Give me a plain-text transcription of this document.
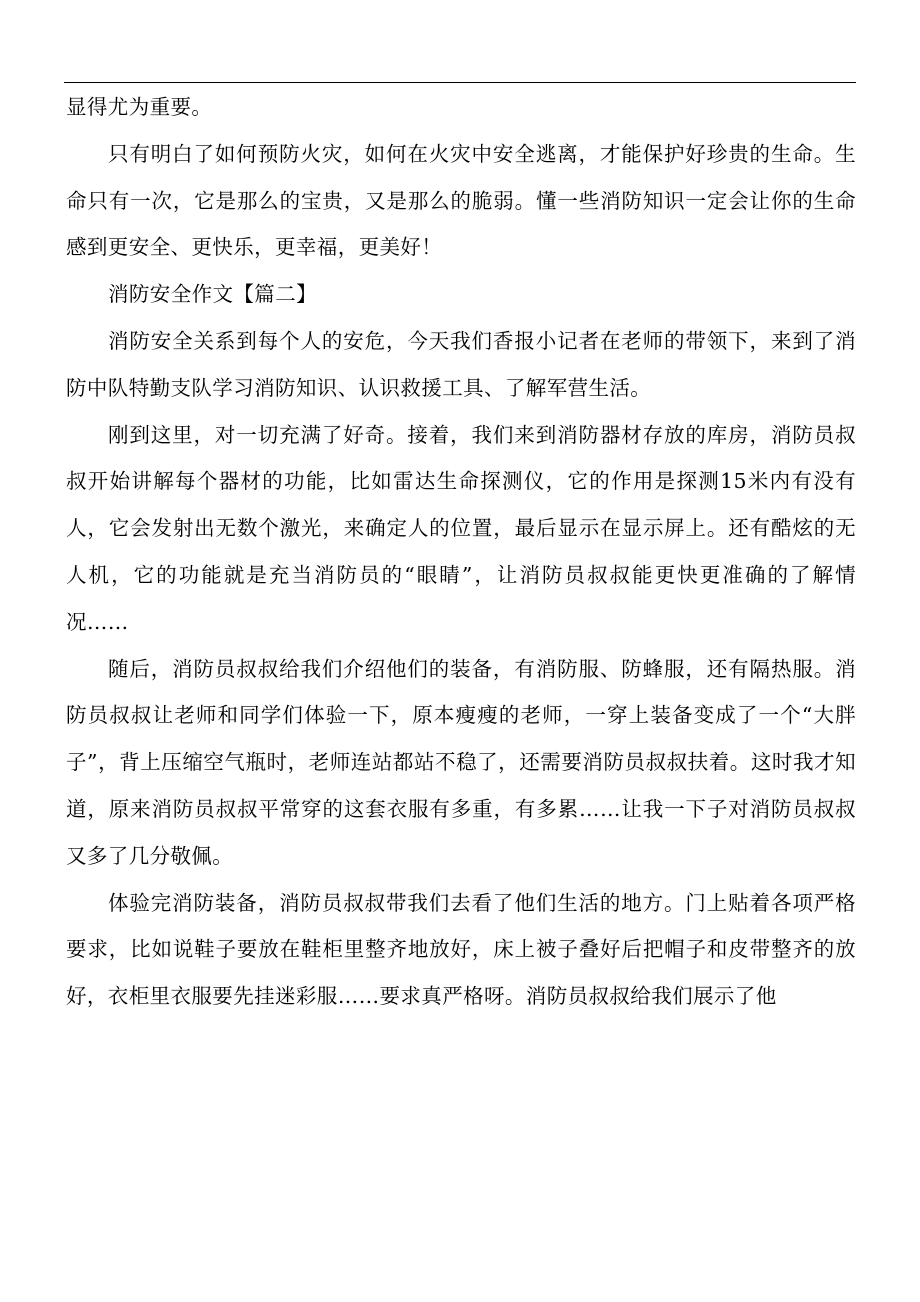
显得尤为重要。

只有明白了如何预防火灾，如何在火灾中安全逃离，才能保护好珍贵的生命。生命只有一次，它是那么的宝贵，又是那么的脆弱。懂一些消防知识一定会让你的生命感到更安全、更快乐，更幸福，更美好！

消防安全作文【篇二】

消防安全关系到每个人的安危，今天我们香报小记者在老师的带领下，来到了消防中队特勤支队学习消防知识、认识救援工具、了解军营生活。

刚到这里，对一切充满了好奇。接着，我们来到消防器材存放的库房，消防员叔叔开始讲解每个器材的功能，比如雷达生命探测仪，它的作用是探测15米内有没有人，它会发射出无数个激光，来确定人的位置，最后显示在显示屏上。还有酷炫的无人机，它的功能就是充当消防员的“眼睛”，让消防员叔叔能更快更准确的了解情况……

随后，消防员叔叔给我们介绍他们的装备，有消防服、防蜂服，还有隔热服。消防员叔叔让老师和同学们体验一下，原本瘦瘦的老师，一穿上装备变成了一个“大胖子”，背上压缩空气瓶时，老师连站都站不稳了，还需要消防员叔叔扶着。这时我才知道，原来消防员叔叔平常穿的这套衣服有多重，有多累……让我一下子对消防员叔叔又多了几分敬佩。

体验完消防装备，消防员叔叔带我们去看了他们生活的地方。门上贴着各项严格要求，比如说鞋子要放在鞋柜里整齐地放好，床上被子叠好后把帽子和皮带整齐的放好，衣柜里衣服要先挂迷彩服……要求真严格呀。消防员叔叔给我们展示了他
